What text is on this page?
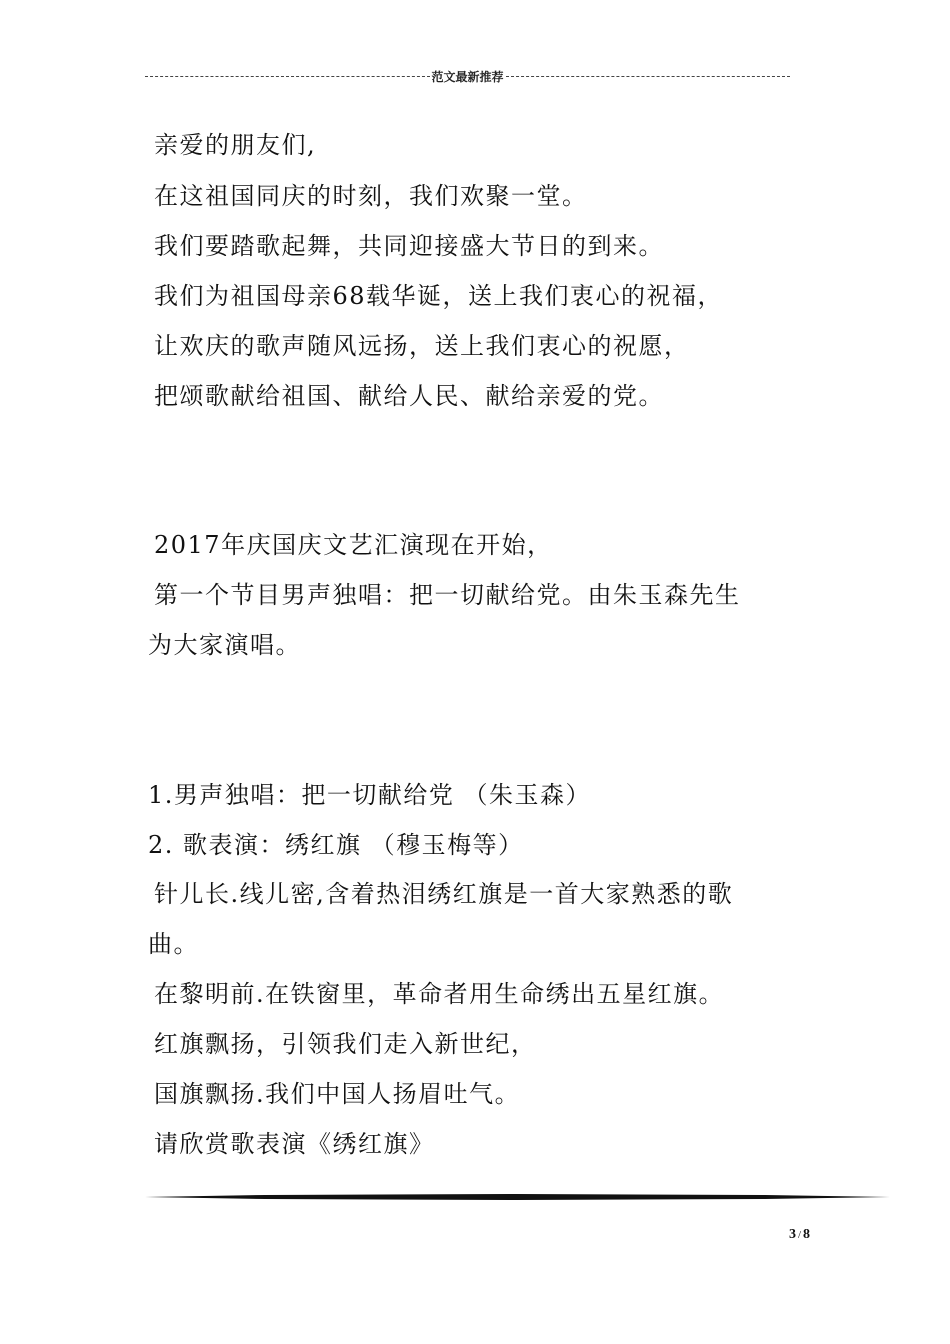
范文最新推荐
亲爱的朋友们,
在这祖国同庆的时刻，我们欢聚一堂。
我们要踏歌起舞，共同迎接盛大节日的到来。
我们为祖国母亲68载华诞，送上我们衷心的祝福，
让欢庆的歌声随风远扬，送上我们衷心的祝愿，
把颂歌献给祖国、献给人民、献给亲爱的党。
2017年庆国庆文艺汇演现在开始，
第一个节目男声独唱：把一切献给党。由朱玉森先生
为大家演唱。
1.男声独唱：把一切献给党 （朱玉森）
2. 歌表演：绣红旗 （穆玉梅等）
针儿长.线儿密,含着热泪绣红旗是一首大家熟悉的歌
曲。
在黎明前.在铁窗里，革命者用生命绣出五星红旗。
红旗飘扬，引领我们走入新世纪，
国旗飘扬.我们中国人扬眉吐气。
请欣赏歌表演《绣红旗》
3 / 8
